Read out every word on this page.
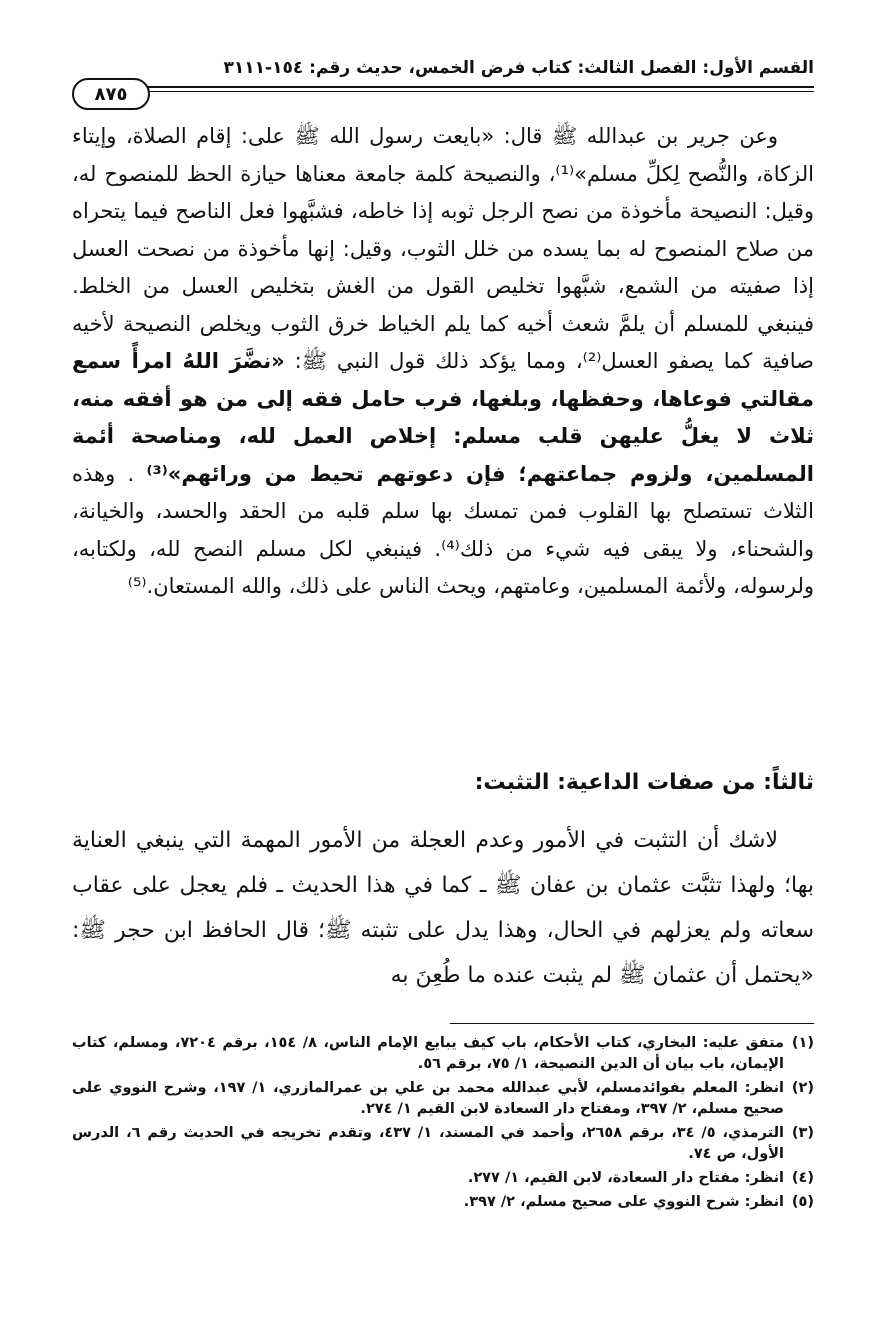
القسم الأول: الفصل الثالث: كتاب فرض الخمس، حديث رقم: ١٥٤-٣١١١
٨٧٥

وعن جرير بن عبدالله ﷺ قال: «بايعت رسول الله ﷺ على: إقام الصلاة، وإيتاء الزكاة، والنُّصح لِكلِّ مسلم»⁽¹⁾، والنصيحة كلمة جامعة معناها حيازة الحظ للمنصوح له، وقيل: النصيحة مأخوذة من نصح الرجل ثوبه إذا خاطه، فشبَّهوا فعل الناصح فيما يتحراه من صلاح المنصوح له بما يسده من خلل الثوب، وقيل: إنها مأخوذة من نصحت العسل إذا صفيته من الشمع، شبَّهوا تخليص القول من الغش بتخليص العسل من الخلط. فينبغي للمسلم أن يلمَّ شعث أخيه كما يلم الخياط خرق الثوب ويخلص النصيحة لأخيه صافية كما يصفو العسل⁽²⁾، ومما يؤكد ذلك قول النبي ﷺ: «نضَّرَ اللهُ امرأً سمع مقالتي فوعاها، وحفظها، وبلغها، فرب حامل فقه إلى من هو أفقه منه، ثلاث لا يغلُّ عليهن قلب مسلم: إخلاص العمل لله، ومناصحة أئمة المسلمين، ولزوم جماعتهم؛ فإن دعوتهم تحيط من ورائهم»⁽³⁾ . وهذه الثلاث تستصلح بها القلوب فمن تمسك بها سلم قلبه من الحقد والحسد، والخيانة، والشحناء، ولا يبقى فيه شيء من ذلك⁽⁴⁾. فينبغي لكل مسلم النصح لله، ولكتابه، ولرسوله، ولأئمة المسلمين، وعامتهم، ويحث الناس على ذلك، والله المستعان.⁽⁵⁾

ثالثاً: من صفات الداعية: التثبت:

لاشك أن التثبت في الأمور وعدم العجلة من الأمور المهمة التي ينبغي العناية بها؛ ولهذا تثبَّت عثمان بن عفان ﷺ ـ كما في هذا الحديث ـ فلم يعجل على عقاب سعاته ولم يعزلهم في الحال، وهذا يدل على تثبته ﷺ؛ قال الحافظ ابن حجر ﷺ: «يحتمل أن عثمان ﷺ لم يثبت عنده ما طُعِنَ به

(١)
متفق عليه: البخاري، كتاب الأحكام، باب كيف يبايع الإمام الناس، ٨/ ١٥٤، برقم ٧٢٠٤، ومسلم، كتاب الإيمان، باب بيان أن الدين النصيحة، ١/ ٧٥، برقم ٥٦.
(٢)
انظر: المعلم بفوائدمسلم، لأبي عبدالله محمد بن علي بن عمرالمازري، ١/ ١٩٧، وشرح النووي على صحيح مسلم، ٢/ ٣٩٧، ومفتاح دار السعادة لابن القيم ١/ ٢٧٤.
(٣)
الترمذي، ٥/ ٣٤، برقم ٢٦٥٨، وأحمد في المسند، ١/ ٤٣٧، وتقدم تخريجه في الحديث رقم ٦، الدرس الأول، ص ٧٤.
(٤)
انظر: مفتاح دار السعادة، لابن القيم، ١/ ٢٧٧.
(٥)
انظر: شرح النووي على صحيح مسلم، ٢/ ٣٩٧.
